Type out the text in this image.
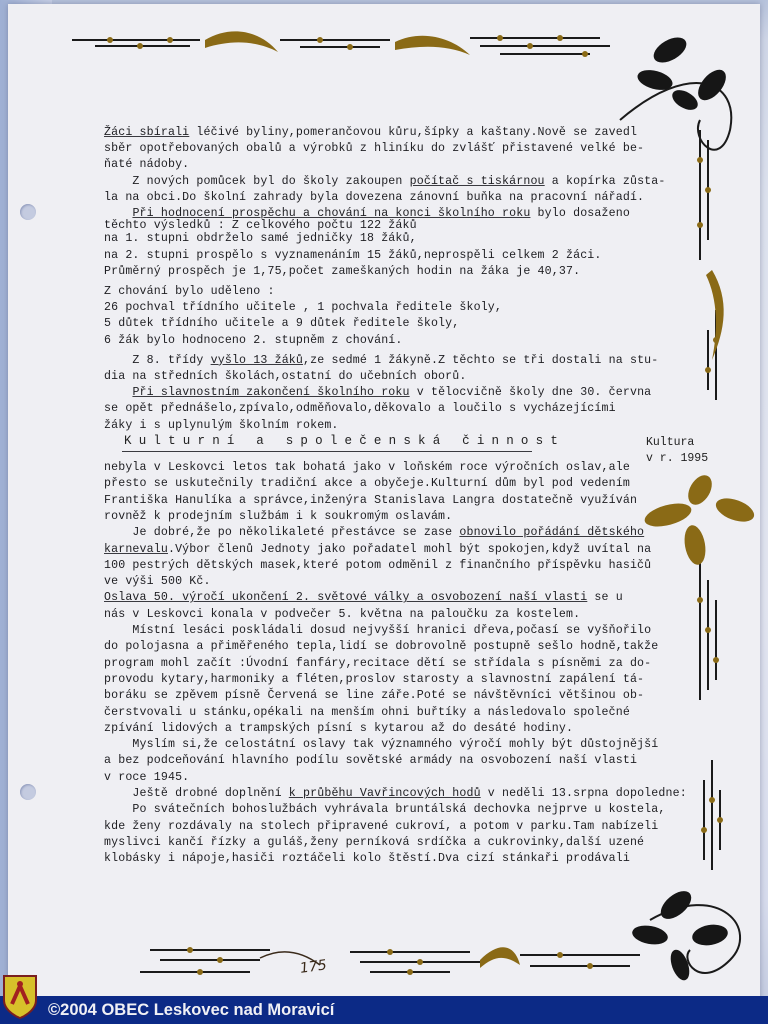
Žáci sbírali léčivé byliny,pomerančovou kůru,šípky a kaštany.Nově se zavedl
sběr opotřebovaných obalů a výrobků z hliníku do zvlášť přistavené velké be-
ňaté nádoby.
Z nových pomůcek byl do školy zakoupen počítač s tiskárnou a kopírka zůsta-
la na obci.Do školní zahrady byla dovezena zánovní buňka na pracovní nářadí.
Při hodnocení prospěchu a chování na konci školního roku bylo dosaženo
těchto výsledků : Z celkového počtu 122 žáků
na 1. stupni obdrželo samé jedničky 18 žáků,
na 2. stupni prospělo s vyznamenáním 15 žáků,neprospěli celkem 2 žáci.
Průměrný prospěch je 1,75,počet zameškaných hodin na žáka je 40,37.
Z chování bylo uděleno :
26 pochval třídního učitele , 1 pochvala ředitele školy,
5 důtek třídního učitele a 9 důtek ředitele školy,
6 žák bylo hodnoceno 2. stupněm z chování.
Z 8. třídy vyšlo 13 žáků,ze sedmé 1 žákyně.Z těchto se tři dostali na stu-
dia na středních školách,ostatní do učebních oborů.
Při slavnostním zakončení školního roku v tělocvičně školy dne 30. června
se opět přednášelo,zpívalo,odměňovalo,děkovalo a loučilo s vycházejícími
žáky i s uplynulým školním rokem.
Kulturní a společenská činnost	Kultura
v r. 1995
nebyla v Leskovci letos tak bohatá jako v loňském roce výročních oslav,ale
přesto se uskutečnily tradiční akce a obyčeje.Kulturní dům byl pod vedením
Františka Hanulíka a správce,inženýra Stanislava Langra dostatečně využíván
rovněž k prodejním službám i k soukromým oslavám.
Je dobré,že po několikaleté přestávce se zase obnovilo pořádání dětského
karnevalu.Výbor členů Jednoty jako pořadatel mohl být spokojen,když uvítal na
100 pestrých dětských masek,které potom odměnil z finančního příspěvku hasičů
ve výši 500 Kč.
Oslava 50. výročí ukončení 2. světové války a osvobození naší vlasti se u
nás v Leskovci konala v podvečer 5. května na paloučku za kostelem.
Místní lesáci poskládali dosud nejvyšší hranici dřeva,počasí se vyšňořilo
do polojasna a přiměřeného tepla,lidí se dobrovolně postupně sešlo hodně,takže
program mohl začít :Úvodní fanfáry,recitace dětí se střídala s písněmi za do-
provodu kytary,harmoniky a fléten,proslov starosty a slavnostní zapálení tá-
boráku se zpěvem písně Červená se line záře.Poté se návštěvníci většinou ob-
čerstvovali u stánku,opékali na menším ohni buřtíky a následovalo společné
zpívání lidových a trampských písní s kytarou až do desáté hodiny.
Myslím si,že celostátní oslavy tak významného výročí mohly být důstojnější
a bez podceňování hlavního podílu sovětské armády na osvobození naší vlasti
v roce 1945.
Ještě drobné doplnění k průběhu Vavřincových hodů v neděli 13.srpna dopoledne:
Po svátečních bohoslužbách vyhrávala bruntálská dechovka nejprve u kostela,
kde ženy rozdávaly na stolech připravené cukroví, a potom v parku.Tam nabízeli
myslivci kančí řízky a guláš,ženy perníková srdíčka a cukrovinky,další uzené
klobásky i nápoje,hasiči roztáčeli kolo štěstí.Dva cizí stánkaři prodávali
175
©2004 OBEC Leskovec nad Moravicí
